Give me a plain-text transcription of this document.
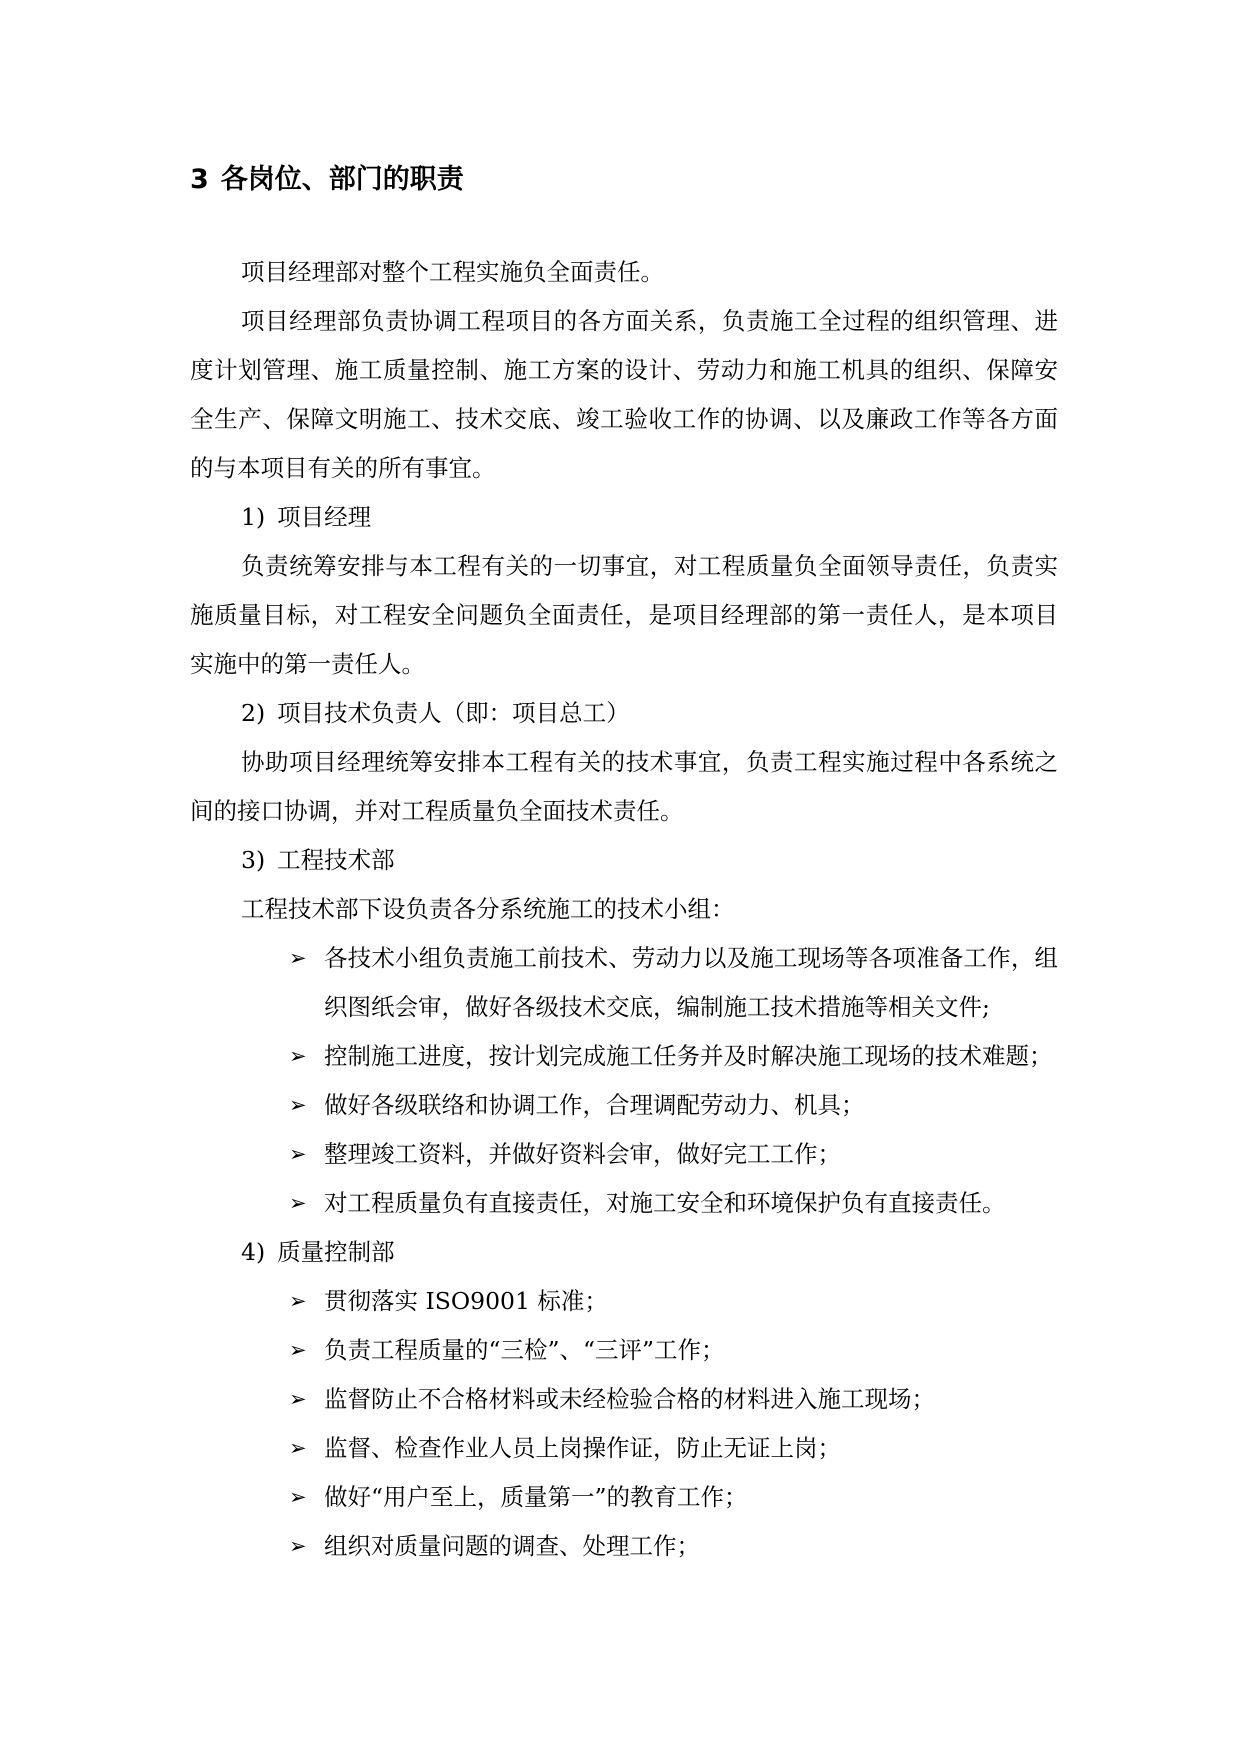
3 各岗位、部门的职责

项目经理部对整个工程实施负全面责任。

项目经理部负责协调工程项目的各方面关系，负责施工全过程的组织管理、进度计划管理、施工质量控制、施工方案的设计、劳动力和施工机具的组织、保障安全生产、保障文明施工、技术交底、竣工验收工作的协调、以及廉政工作等各方面的与本项目有关的所有事宜。

1) 项目经理

负责统筹安排与本工程有关的一切事宜，对工程质量负全面领导责任，负责实施质量目标，对工程安全问题负全面责任，是项目经理部的第一责任人，是本项目实施中的第一责任人。

2) 项目技术负责人（即：项目总工）

协助项目经理统筹安排本工程有关的技术事宜，负责工程实施过程中各系统之间的接口协调，并对工程质量负全面技术责任。

3) 工程技术部

工程技术部下设负责各分系统施工的技术小组：

➢ 各技术小组负责施工前技术、劳动力以及施工现场等各项准备工作，组织图纸会审，做好各级技术交底，编制施工技术措施等相关文件;
➢ 控制施工进度，按计划完成施工任务并及时解决施工现场的技术难题；
➢ 做好各级联络和协调工作，合理调配劳动力、机具；
➢ 整理竣工资料，并做好资料会审，做好完工工作；
➢ 对工程质量负有直接责任，对施工安全和环境保护负有直接责任。
4) 质量控制部
➢ 贯彻落实 ISO9001 标准；
➢ 负责工程质量的“三检”、“三评”工作；
➢ 监督防止不合格材料或未经检验合格的材料进入施工现场；
➢ 监督、检查作业人员上岗操作证，防止无证上岗；
➢ 做好“用户至上，质量第一”的教育工作；
➢ 组织对质量问题的调查、处理工作；
